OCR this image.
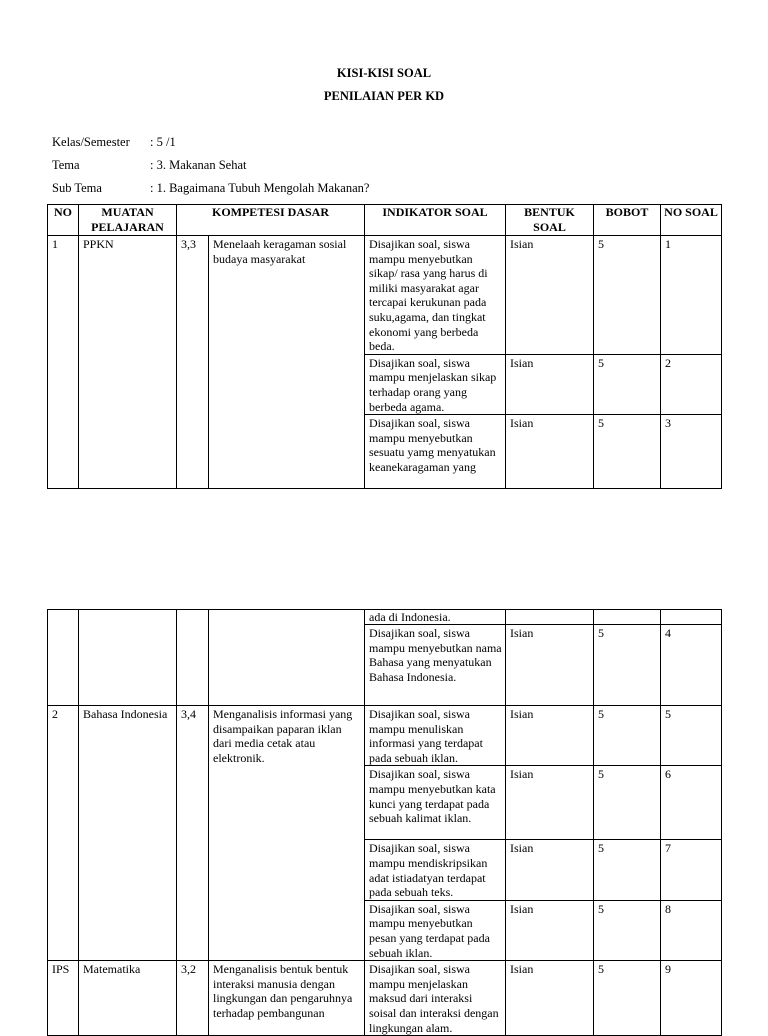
KISI-KISI SOAL
PENILAIAN PER KD
Kelas/Semester	: 5 /1
Tema	: 3. Makanan Sehat
Sub Tema	: 1. Bagaimana Tubuh Mengolah Makanan?
NO	MUATAN PELAJARAN	KOMPETESI DASAR		INDIKATOR SOAL	BENTUK SOAL	BOBOT	NO SOAL
1	PPKN	3,3	Menelaah keragaman sosial budaya masyarakat	Disajikan soal, siswa mampu menyebutkan sikap/ rasa yang harus di miliki masyarakat agar tercapai kerukunan pada suku,agama, dan tingkat ekonomi yang berbeda beda.	Isian	5	1
				Disajikan soal, siswa mampu menjelaskan sikap terhadap orang yang berbeda agama.	Isian	5	2

				Disajikan soal, siswa mampu menyebutkan sesuatu yamg menyatukan keanekaragaman yang	Isian	5	3
				ada di Indonesia.			
				Disajikan soal, siswa mampu menyebutkan nama Bahasa yang menyatukan Bahasa Indonesia.	Isian	5	4
2	Bahasa Indonesia	3,4	Menganalisis informasi yang disampaikan paparan iklan dari media cetak atau elektronik.	Disajikan soal, siswa mampu menuliskan informasi yang terdapat pada sebuah iklan.	Isian	5	5
				Disajikan soal, siswa mampu menyebutkan kata kunci yang terdapat pada sebuah kalimat iklan.	Isian	5	6
				Disajikan soal, siswa mampu mendiskripsikan adat istiadatyan terdapat pada sebuah teks.	Isian	5	7
				Disajikan soal, siswa mampu menyebutkan pesan yang terdapat pada sebuah iklan.	Isian	5	8
IPS	Matematika	3,2	Menganalisis bentuk bentuk interaksi manusia dengan lingkungan dan pengaruhnya terhadap pembangunan	Disajikan soal, siswa mampu menjelaskan maksud dari interaksi soisal dan interaksi dengan lingkungan alam.	Isian	5	9
